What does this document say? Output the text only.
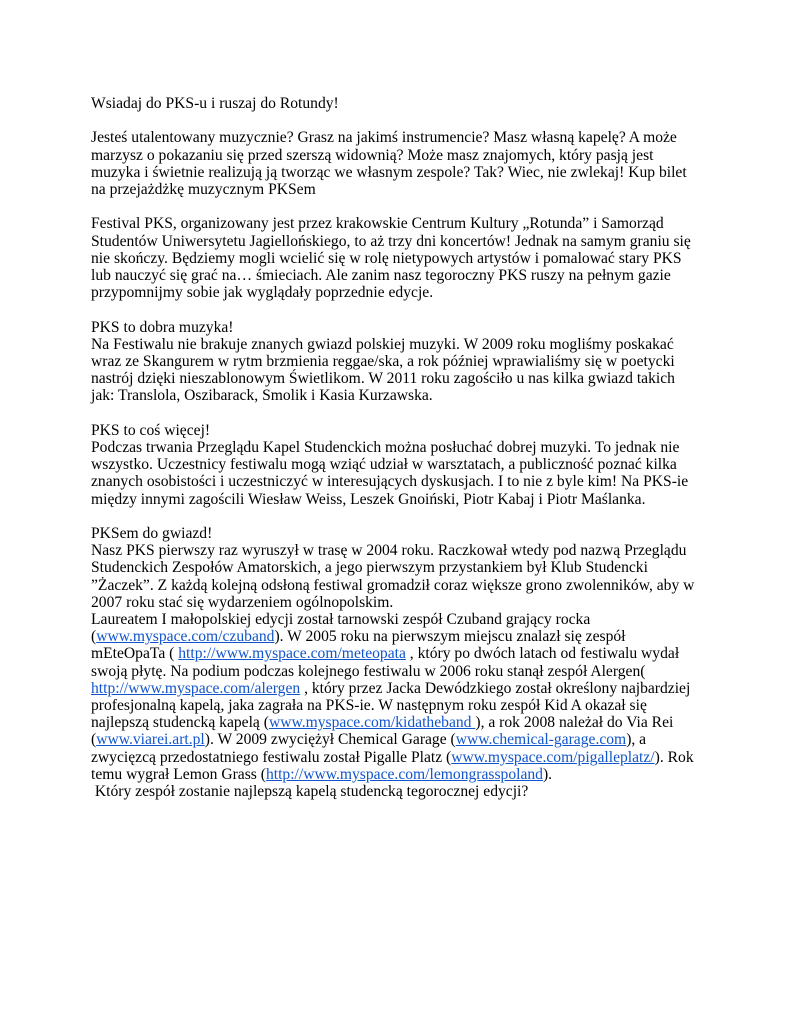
Wsiadaj do PKS-u i ruszaj do Rotundy!

Jesteś utalentowany muzycznie? Grasz na jakimś instrumencie? Masz własną kapelę? A może
marzysz o pokazaniu się przed szerszą widownią? Może masz znajomych, który pasją jest
muzyka i świetnie realizują ją tworząc we własnym zespole? Tak? Wiec, nie zwlekaj! Kup bilet
na przejażdżkę muzycznym PKSem

Festival PKS, organizowany jest przez krakowskie Centrum Kultury „Rotunda” i Samorząd
Studentów Uniwersytetu Jagiellońskiego, to aż trzy dni koncertów! Jednak na samym graniu się
nie skończy. Będziemy mogli wcielić się w rolę nietypowych artystów i pomalować stary PKS
lub nauczyć się grać na… śmieciach. Ale zanim nasz tegoroczny PKS ruszy na pełnym gazie
przypomnijmy sobie jak wyglądały poprzednie edycje.

PKS to dobra muzyka!
Na Festiwalu nie brakuje znanych gwiazd polskiej muzyki. W 2009 roku mogliśmy poskakać
wraz ze Skangurem w rytm brzmienia reggae/ska, a rok później wprawialiśmy się w poetycki
nastrój dzięki nieszablonowym Świetlikom. W 2011 roku zagościło u nas kilka gwiazd takich
jak: Translola, Oszibarack, Smolik i Kasia Kurzawska.

PKS to coś więcej!
Podczas trwania Przeglądu Kapel Studenckich można posłuchać dobrej muzyki. To jednak nie
wszystko. Uczestnicy festiwalu mogą wziąć udział w warsztatach, a publiczność poznać kilka
znanych osobistości i uczestniczyć w interesujących dyskusjach. I to nie z byle kim! Na PKS-ie
między innymi zagościli Wiesław Weiss, Leszek Gnoiński, Piotr Kabaj i Piotr Maślanka.

PKSem do gwiazd!
Nasz PKS pierwszy raz wyruszył w trasę w 2004 roku. Raczkował wtedy pod nazwą Przeglądu
Studenckich Zespołów Amatorskich, a jego pierwszym przystankiem był Klub Studencki
”Żaczek”. Z każdą kolejną odsłoną festiwal gromadził coraz większe grono zwolenników, aby w
2007 roku stać się wydarzeniem ogólnopolskim.
Laureatem I małopolskiej edycji został tarnowski zespół Czuband grający rocka
(www.myspace.com/czuband). W 2005 roku na pierwszym miejscu znalazł się zespół
mEteOpaTa ( http://www.myspace.com/meteopata , który po dwóch latach od festiwalu wydał
swoją płytę. Na podium podczas kolejnego festiwalu w 2006 roku stanął zespół Alergen(
http://www.myspace.com/alergen , który przez Jacka Dewódzkiego został określony najbardziej
profesjonalną kapelą, jaka zagrała na PKS-ie. W następnym roku zespół Kid A okazał się
najlepszą studencką kapelą (www.myspace.com/kidatheband ), a rok 2008 należał do Via Rei
(www.viarei.art.pl). W 2009 zwyciężył Chemical Garage (www.chemical-garage.com), a
zwycięzcą przedostatniego festiwalu został Pigalle Platz (www.myspace.com/pigalleplatz/). Rok
temu wygrał Lemon Grass (http://www.myspace.com/lemongrasspoland).
Który zespół zostanie najlepszą kapelą studencką tegorocznej edycji?
